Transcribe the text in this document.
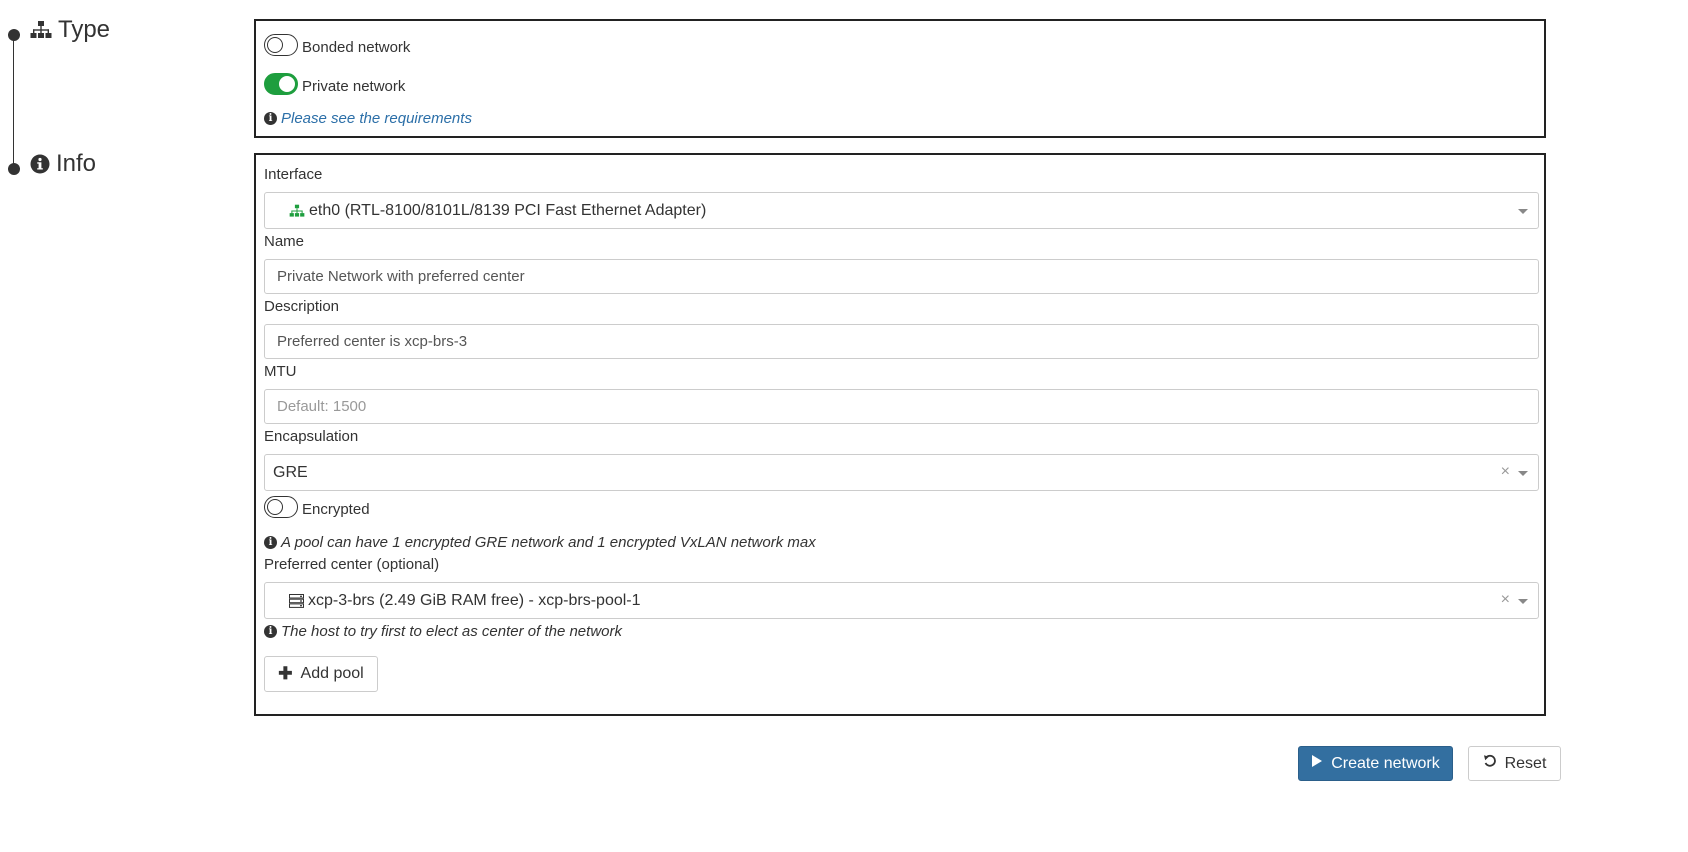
Type
Info
Bonded network
Private network
i Please see the requirements
Interface
eth0 (RTL-8100/8101L/8139 PCI Fast Ethernet Adapter)
Name
Private Network with preferred center
Description
Preferred center is xcp-brs-3
MTU
Default: 1500
Encapsulation
GRE	×
Encrypted
i A pool can have 1 encrypted GRE network and 1 encrypted VxLAN network max
Preferred center (optional)
xcp-3-brs (2.49 GiB RAM free) - xcp-brs-pool-1	×
i The host to try first to elect as center of the network
✚ Add pool
Create network	Reset
